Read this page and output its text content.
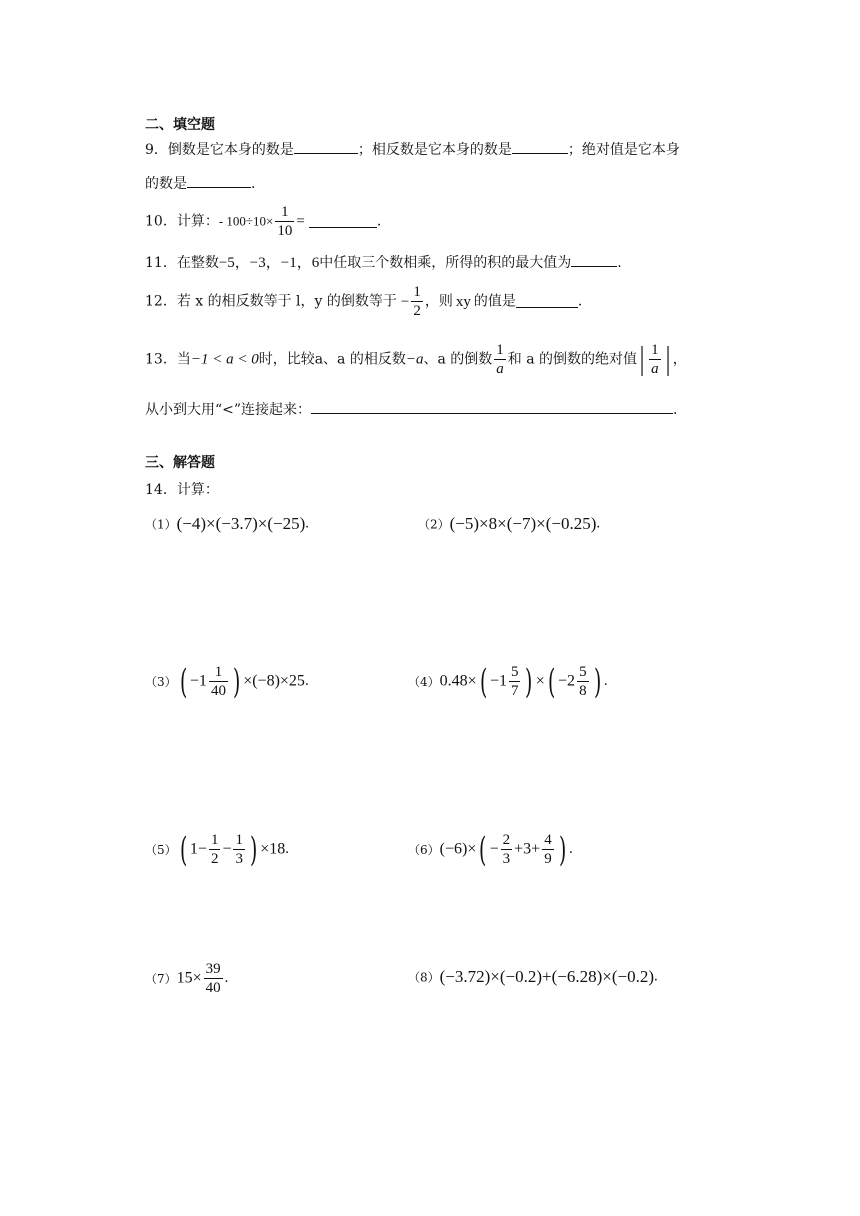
二、填空题
9．倒数是它本身的数是	；相反数是它本身的数是	；绝对值是它本身
的数是	.
10．计算：- $100\div 10\times \frac{1}{10}$ =	.
11．在整数−5，−3，−1，6中任取三个数相乘，所得的积的最大值为	.
12．若 x 的相反数等于 l，y 的倒数等于 − $\frac{1}{2}$ ，则 xy 的值是	.
13．当−1 < a < 0时，比较a、a 的相反数−a、a 的倒数 $\frac{1}{a}$ 和 a 的倒数的绝对值| $\frac{1}{a}$ | ，
从小到大用“<”连接起来：	.
三、解答题
14．计算：
（1）(−4)×(−3.7)×(−25).	（2）(−5)×8×(−7)×(−0.25).
$(3)( -1 \frac{1}{40}$ ) ×(−8)×25.	$(4)0.48\times( -1 \frac{5}{7}$ ) ×( $-2 \frac{5}{8}$ ) .
（5）( $1- \frac{1}{2} - \frac{1}{3}$ ) ×18.	$(6)(-6)\times( - \frac{2}{3} +3+ \frac{4}{9}$ ) .
$(7)15\times \frac{39}{40}$ .	（8）(−3.72)×(−0.2)+(−6.28)×(−0.2).
